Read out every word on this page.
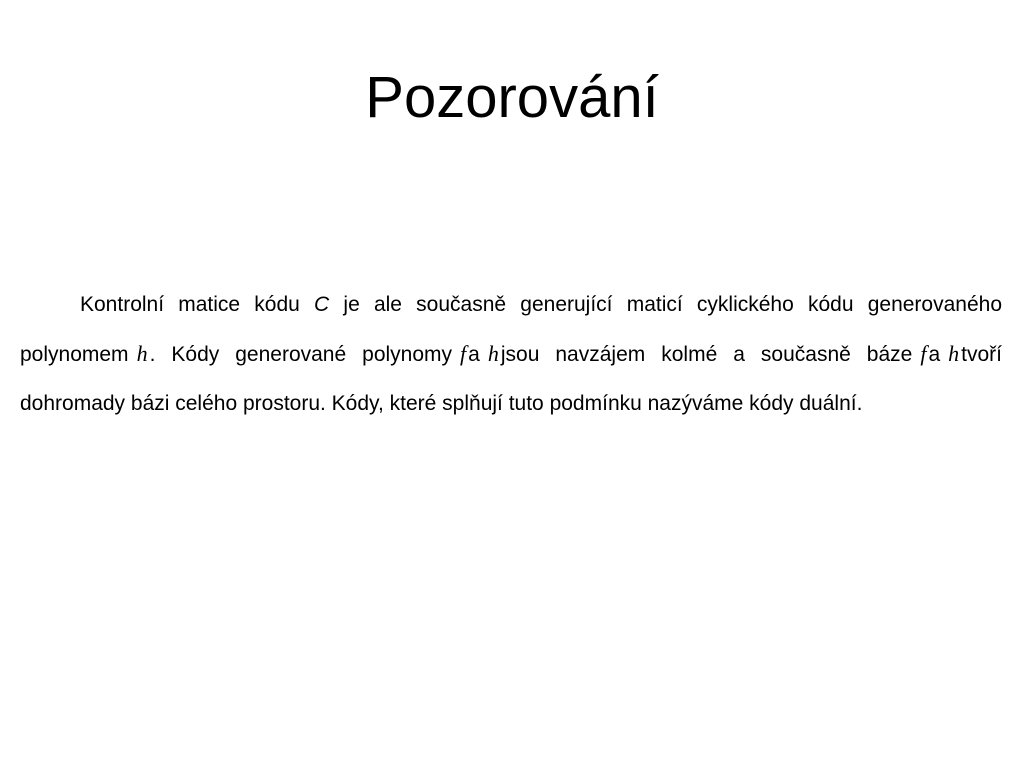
Pozorování

Kontrolní matice kódu C je ale současně generující maticí cyklického kódu generovaného polynomem h. Kódy generované polynomy fa hjsou navzájem kolmé a současně báze fa htvoří dohromady bázi celého prostoru. Kódy, které splňují tuto podmínku nazýváme kódy duální.
